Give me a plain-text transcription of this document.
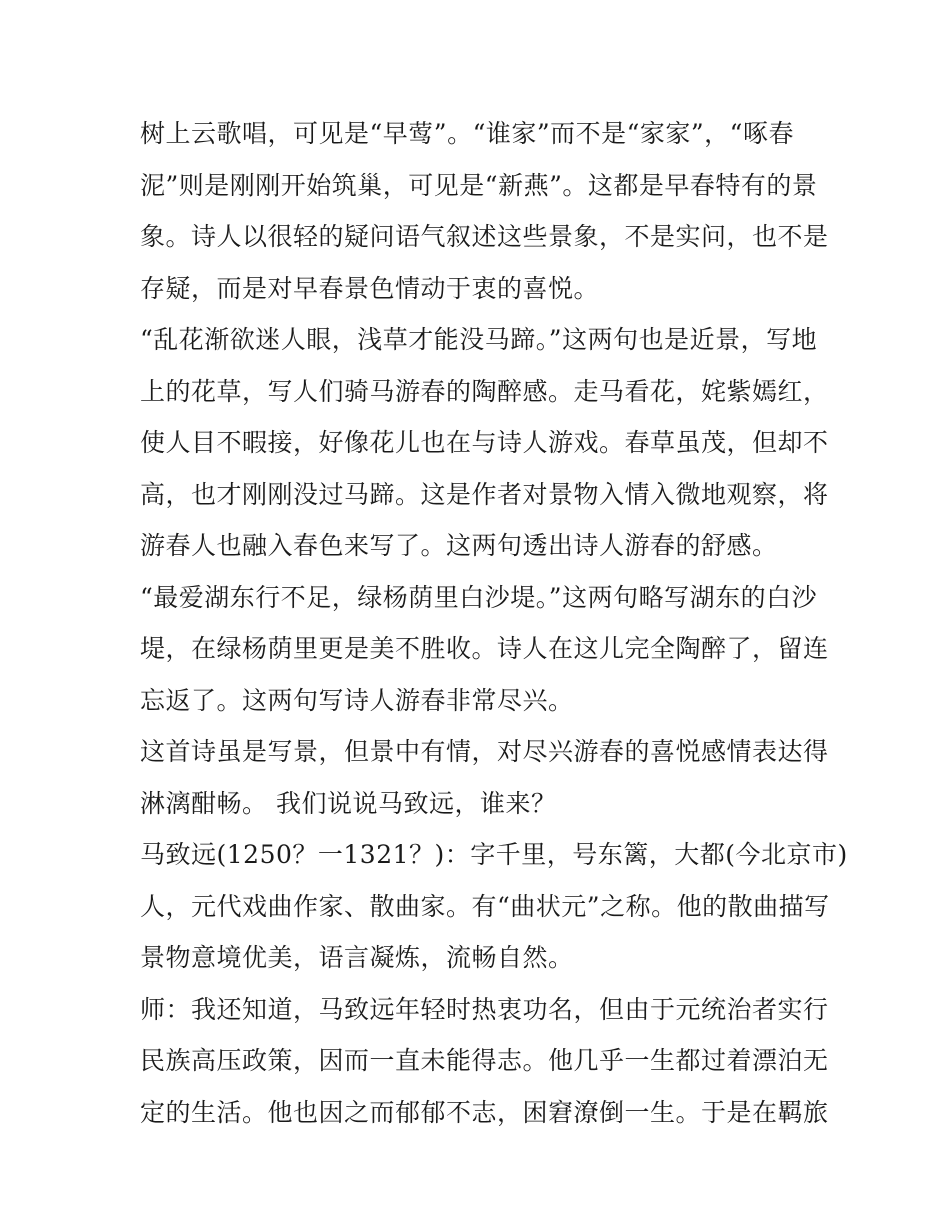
树上云歌唱，可见是“早莺”。“谁家”而不是“家家”，“啄春
泥”则是刚刚开始筑巢，可见是“新燕”。这都是早春特有的景
象。诗人以很轻的疑问语气叙述这些景象，不是实问，也不是
存疑，而是对早春景色情动于衷的喜悦。
“乱花渐欲迷人眼，浅草才能没马蹄。”这两句也是近景，写地
上的花草，写人们骑马游春的陶醉感。走马看花，姹紫嫣红，
使人目不暇接，好像花儿也在与诗人游戏。春草虽茂，但却不
高，也才刚刚没过马蹄。这是作者对景物入情入微地观察，将
游春人也融入春色来写了。这两句透出诗人游春的舒感。
“最爱湖东行不足，绿杨荫里白沙堤。”这两句略写湖东的白沙
堤，在绿杨荫里更是美不胜收。诗人在这儿完全陶醉了，留连
忘返了。这两句写诗人游春非常尽兴。
这首诗虽是写景，但景中有情，对尽兴游春的喜悦感情表达得
淋漓酣畅。 我们说说马致远，谁来？
马致远(1250？一1321？)：字千里，号东篱，大都(今北京市)
人，元代戏曲作家、散曲家。有“曲状元”之称。他的散曲描写
景物意境优美，语言凝炼，流畅自然。
师：我还知道，马致远年轻时热衷功名，但由于元统治者实行
民族高压政策，因而一直未能得志。他几乎一生都过着漂泊无
定的生活。他也因之而郁郁不志，困窘潦倒一生。于是在羁旅
